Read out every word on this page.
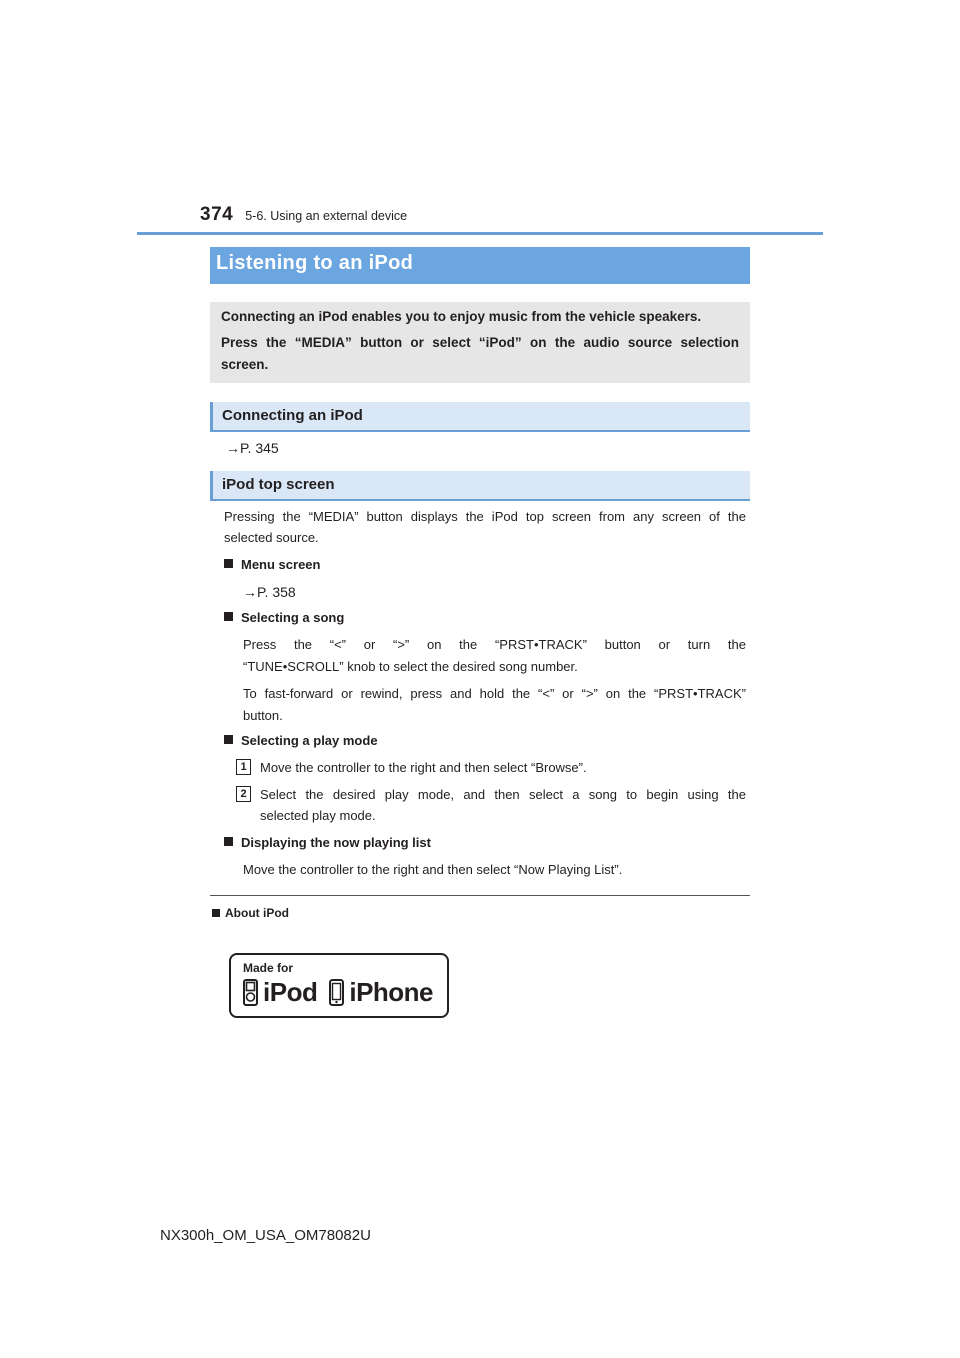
374 5-6. Using an external device
Listening to an iPod
Connecting an iPod enables you to enjoy music from the vehicle speakers.
Press the “MEDIA” button or select “iPod” on the audio source selection
screen.
Connecting an iPod
→P. 345
iPod top screen
Pressing the “MEDIA” button displays the iPod top screen from any screen of the
selected source.
Menu screen
→P. 358
Selecting a song
Press the “<” or “>” on the “PRST•TRACK” button or turn the
“TUNE•SCROLL” knob to select the desired song number.
To fast-forward or rewind, press and hold the “<” or “>” on the “PRST•TRACK”
button.
Selecting a play mode
1	Move the controller to the right and then select “Browse”.
2	Select the desired play mode, and then select a song to begin using the
selected play mode.
Displaying the now playing list
Move the controller to the right and then select “Now Playing List”.
About iPod
Made for
iPod iPhone
NX300h_OM_USA_OM78082U
